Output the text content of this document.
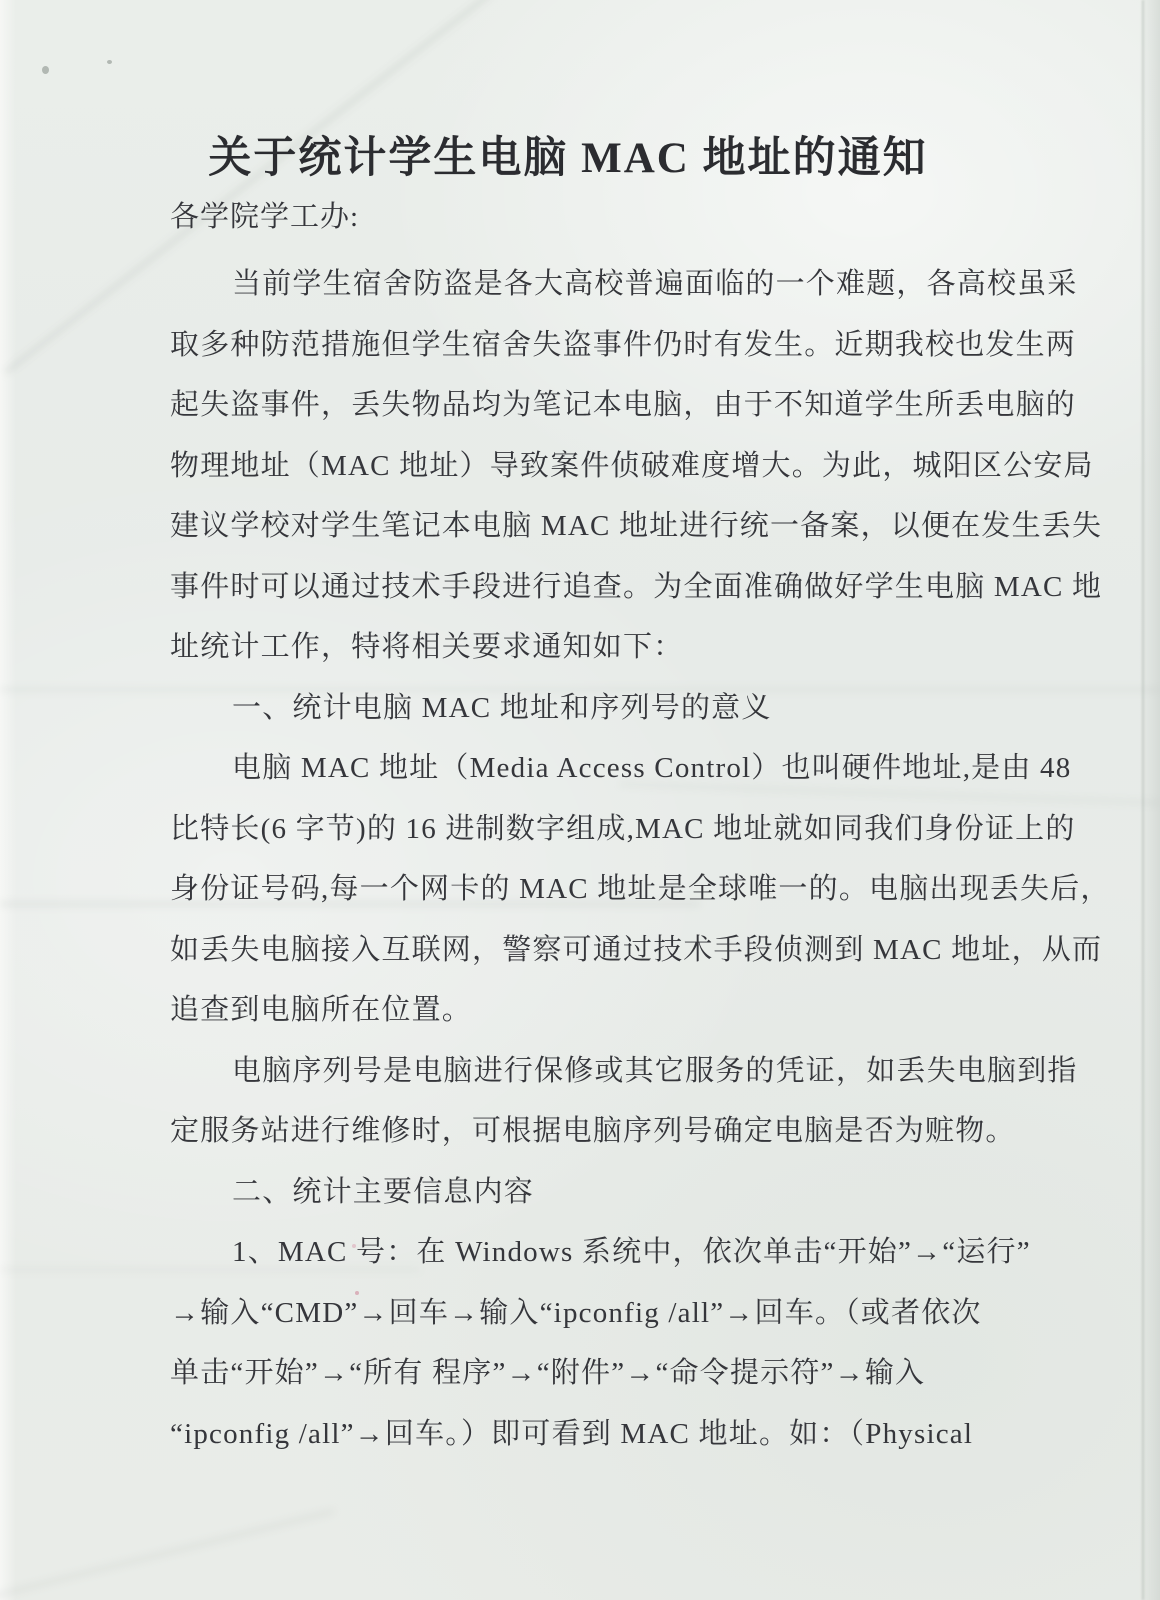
关于统计学生电脑 MAC 地址的通知
各学院学工办:
当前学生宿舍防盗是各大高校普遍面临的一个难题，各高校虽采
取多种防范措施但学生宿舍失盗事件仍时有发生。近期我校也发生两
起失盗事件，丢失物品均为笔记本电脑，由于不知道学生所丢电脑的
物理地址（MAC 地址）导致案件侦破难度增大。为此，城阳区公安局
建议学校对学生笔记本电脑 MAC 地址进行统一备案，以便在发生丢失
事件时可以通过技术手段进行追查。为全面准确做好学生电脑 MAC 地
址统计工作，特将相关要求通知如下：
一、统计电脑 MAC 地址和序列号的意义
电脑 MAC 地址（Media Access Control）也叫硬件地址,是由 48
比特长(6 字节)的 16 进制数字组成,MAC 地址就如同我们身份证上的
身份证号码,每一个网卡的 MAC 地址是全球唯一的。电脑出现丢失后，
如丢失电脑接入互联网，警察可通过技术手段侦测到 MAC 地址，从而
追查到电脑所在位置。
电脑序列号是电脑进行保修或其它服务的凭证，如丢失电脑到指
定服务站进行维修时，可根据电脑序列号确定电脑是否为赃物。
二、统计主要信息内容
1、MAC 号：在 Windows 系统中，依次单击“开始”→“运行”
→输入“CMD”→回车→输入“ipconfig /all”→回车。（或者依次
单击“开始”→“所有 程序”→“附件”→“命令提示符”→输入
“ipconfig /all”→回车。）即可看到 MAC 地址。如：（Physical
